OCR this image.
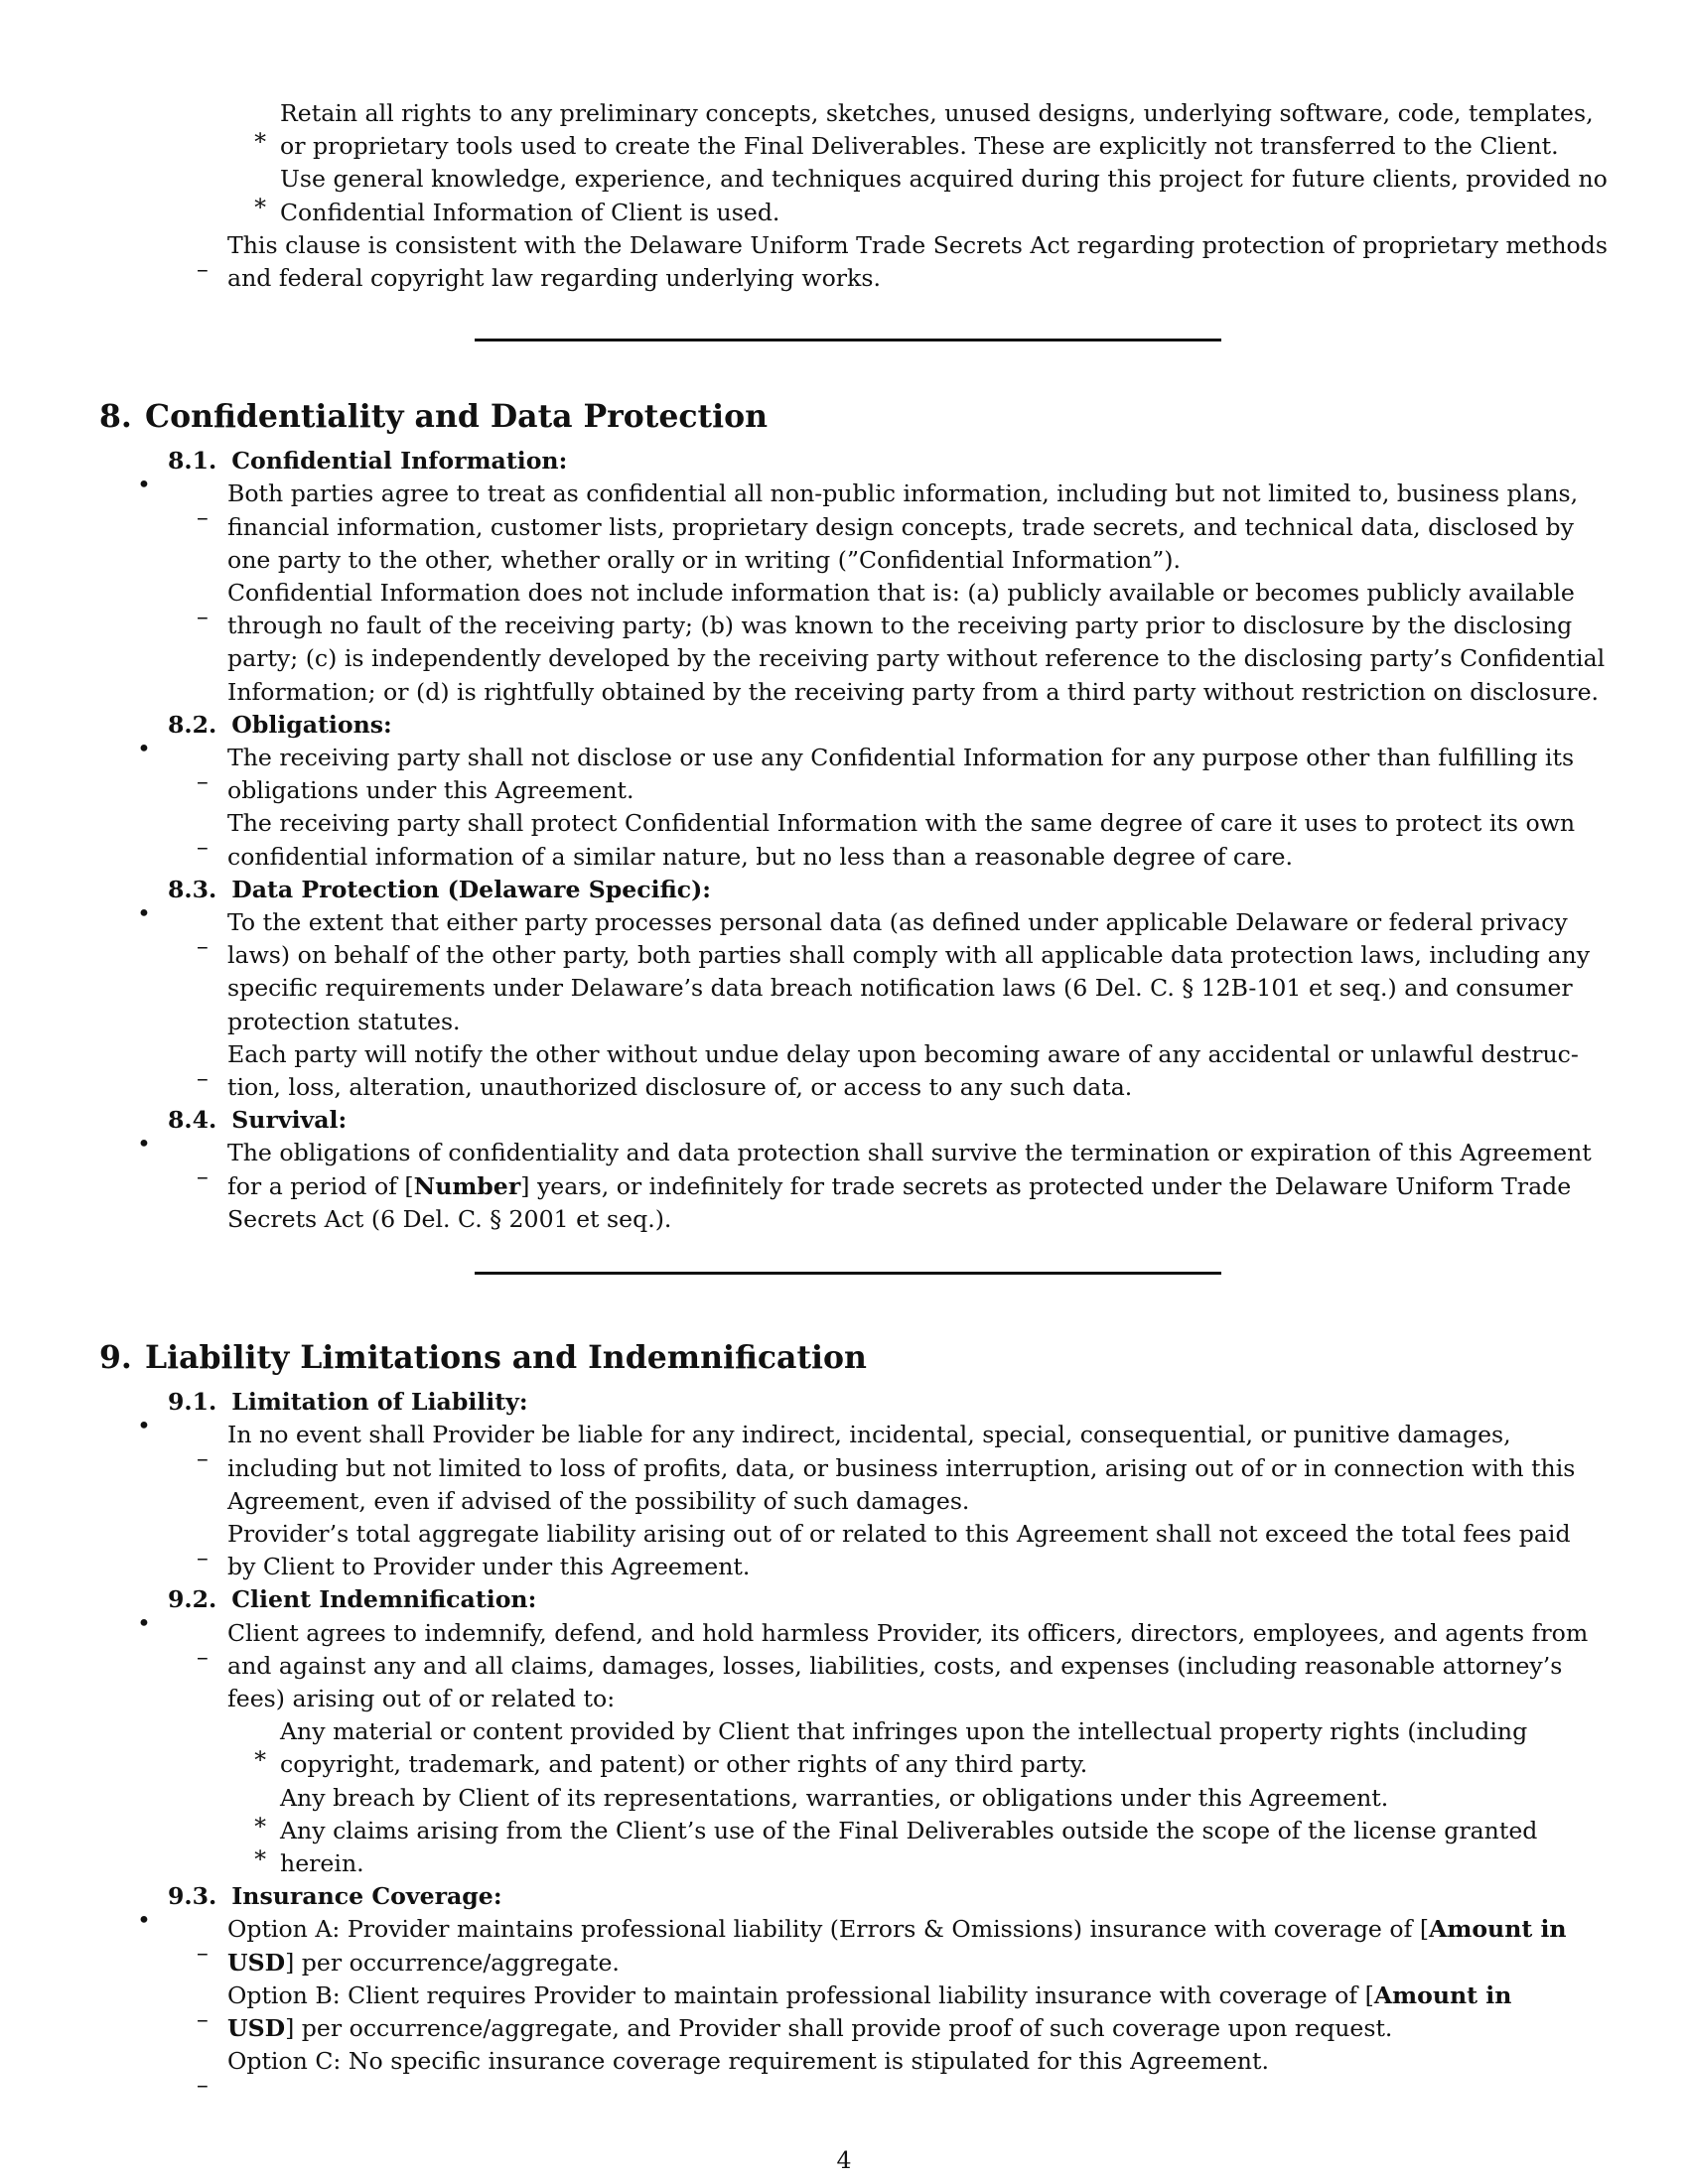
∗
Retain all rights to any preliminary concepts, sketches, unused designs, underlying software, code, templates,
or proprietary tools used to create the Final Deliverables. These are explicitly not transferred to the Client.
∗
Use general knowledge, experience, and techniques acquired during this project for future clients, provided no
Confidential Information of Client is used.
–
This clause is consistent with the Delaware Uniform Trade Secrets Act regarding protection of proprietary methods
and federal copyright law regarding underlying works.
8. Confidentiality and Data Protection
•
8.1. Confidential Information:
–
Both parties agree to treat as confidential all non-public information, including but not limited to, business plans,
financial information, customer lists, proprietary design concepts, trade secrets, and technical data, disclosed by
one party to the other, whether orally or in writing (”Confidential Information”).
–
Confidential Information does not include information that is: (a) publicly available or becomes publicly available
through no fault of the receiving party; (b) was known to the receiving party prior to disclosure by the disclosing
party; (c) is independently developed by the receiving party without reference to the disclosing party’s Confidential
Information; or (d) is rightfully obtained by the receiving party from a third party without restriction on disclosure.
•
8.2. Obligations:
–
The receiving party shall not disclose or use any Confidential Information for any purpose other than fulfilling its
obligations under this Agreement.
–
The receiving party shall protect Confidential Information with the same degree of care it uses to protect its own
confidential information of a similar nature, but no less than a reasonable degree of care.
•
8.3. Data Protection (Delaware Specific):
–
To the extent that either party processes personal data (as defined under applicable Delaware or federal privacy
laws) on behalf of the other party, both parties shall comply with all applicable data protection laws, including any
specific requirements under Delaware’s data breach notification laws (6 Del. C. § 12B-101 et seq.) and consumer
protection statutes.
–
Each party will notify the other without undue delay upon becoming aware of any accidental or unlawful destruc-
tion, loss, alteration, unauthorized disclosure of, or access to any such data.
•
8.4. Survival:
–
The obligations of confidentiality and data protection shall survive the termination or expiration of this Agreement
for a period of [Number] years, or indefinitely for trade secrets as protected under the Delaware Uniform Trade
Secrets Act (6 Del. C. § 2001 et seq.).
9. Liability Limitations and Indemnification
•
9.1. Limitation of Liability:
–
In no event shall Provider be liable for any indirect, incidental, special, consequential, or punitive damages,
including but not limited to loss of profits, data, or business interruption, arising out of or in connection with this
Agreement, even if advised of the possibility of such damages.
–
Provider’s total aggregate liability arising out of or related to this Agreement shall not exceed the total fees paid
by Client to Provider under this Agreement.
•
9.2. Client Indemnification:
–
Client agrees to indemnify, defend, and hold harmless Provider, its officers, directors, employees, and agents from
and against any and all claims, damages, losses, liabilities, costs, and expenses (including reasonable attorney’s
fees) arising out of or related to:
∗
Any material or content provided by Client that infringes upon the intellectual property rights (including
copyright, trademark, and patent) or other rights of any third party.
∗
Any breach by Client of its representations, warranties, or obligations under this Agreement.
∗
Any claims arising from the Client’s use of the Final Deliverables outside the scope of the license granted
herein.
•
9.3. Insurance Coverage:
–
Option A: Provider maintains professional liability (Errors & Omissions) insurance with coverage of [Amount in
USD] per occurrence/aggregate.
–
Option B: Client requires Provider to maintain professional liability insurance with coverage of [Amount in
USD] per occurrence/aggregate, and Provider shall provide proof of such coverage upon request.
–
Option C: No specific insurance coverage requirement is stipulated for this Agreement.
4
